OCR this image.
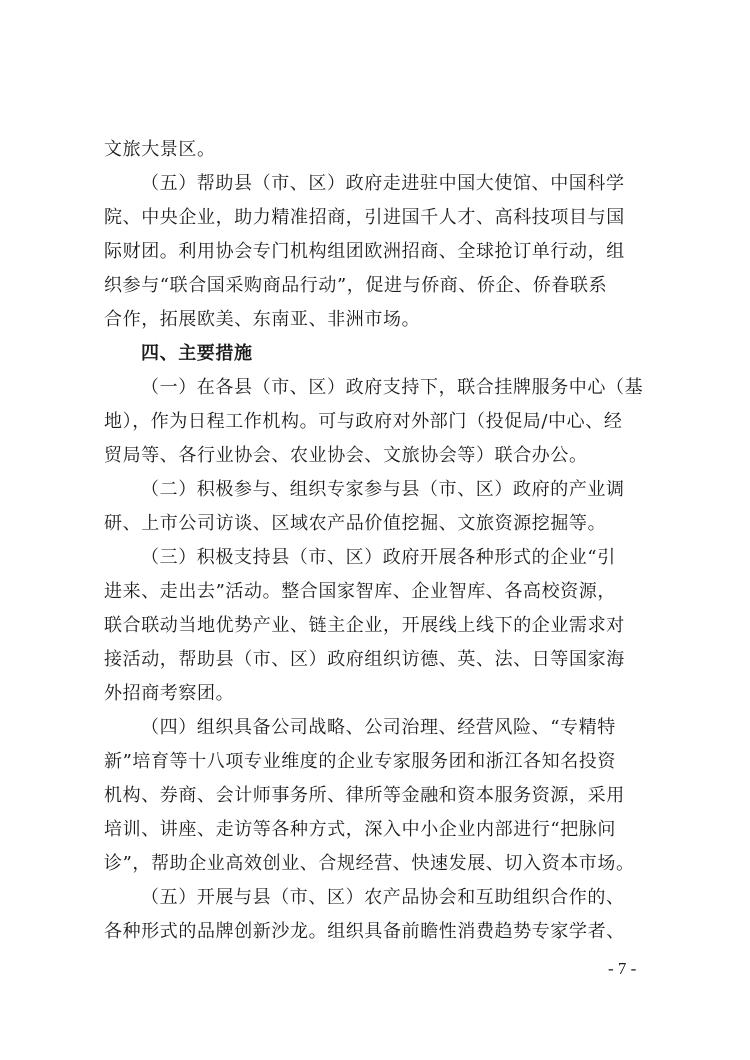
文旅大景区。
（五）帮助县（市、区）政府走进驻中国大使馆、中国科学
院、中央企业，助力精准招商，引进国千人才、高科技项目与国
际财团。利用协会专门机构组团欧洲招商、全球抢订单行动，组
织参与“联合国采购商品行动”，促进与侨商、侨企、侨眷联系
合作，拓展欧美、东南亚、非洲市场。
四、主要措施
（一）在各县（市、区）政府支持下，联合挂牌服务中心（基
地），作为日程工作机构。可与政府对外部门（投促局/中心、经
贸局等、各行业协会、农业协会、文旅协会等）联合办公。
（二）积极参与、组织专家参与县（市、区）政府的产业调
研、上市公司访谈、区域农产品价值挖掘、文旅资源挖掘等。
（三）积极支持县（市、区）政府开展各种形式的企业“引
进来、走出去”活动。整合国家智库、企业智库、各高校资源，
联合联动当地优势产业、链主企业，开展线上线下的企业需求对
接活动，帮助县（市、区）政府组织访德、英、法、日等国家海
外招商考察团。
（四）组织具备公司战略、公司治理、经营风险、“专精特
新”培育等十八项专业维度的企业专家服务团和浙江各知名投资
机构、券商、会计师事务所、律所等金融和资本服务资源，采用
培训、讲座、走访等各种方式，深入中小企业内部进行“把脉问
诊”，帮助企业高效创业、合规经营、快速发展、切入资本市场。
（五）开展与县（市、区）农产品协会和互助组织合作的、
各种形式的品牌创新沙龙。组织具备前瞻性消费趋势专家学者、
- 7 -
